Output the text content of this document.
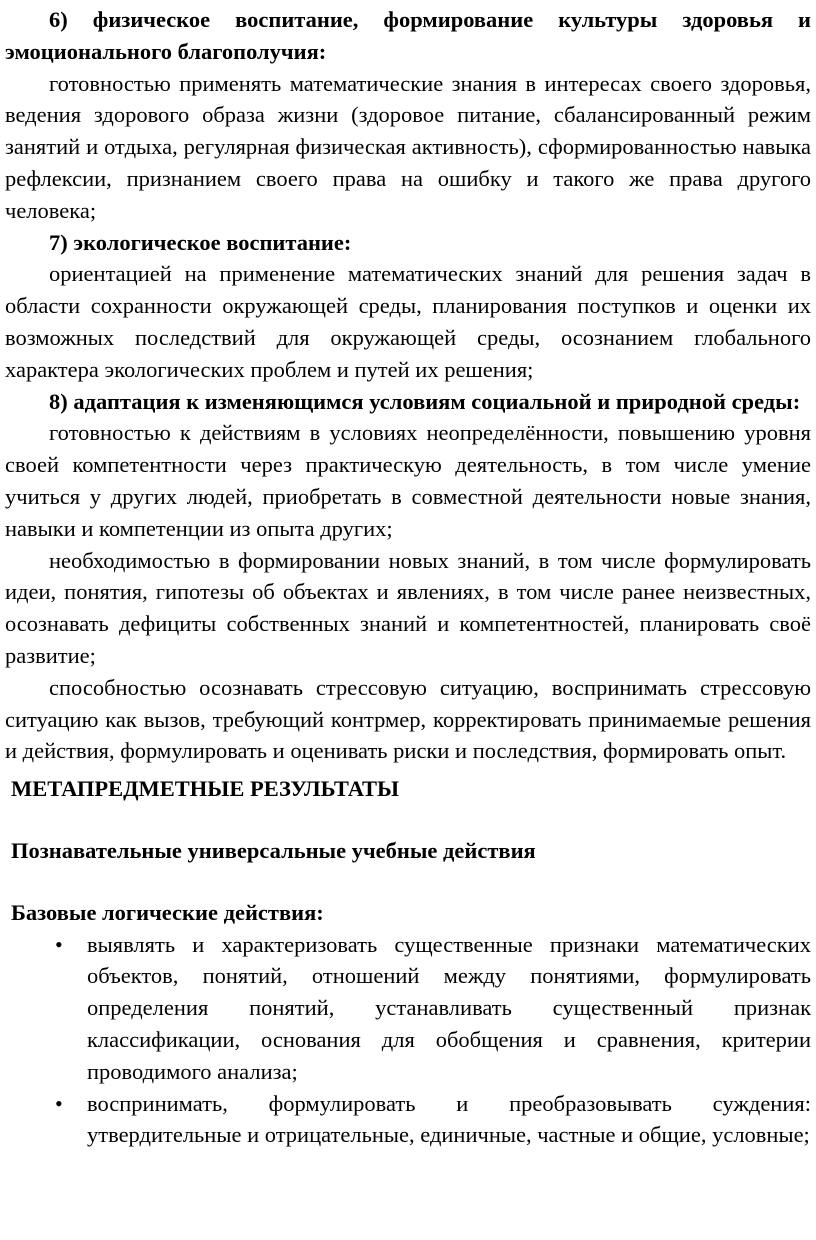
6) физическое воспитание, формирование культуры здоровья и эмоционального благополучия:

готовностью применять математические знания в интересах своего здоровья, ведения здорового образа жизни (здоровое питание, сбалансированный режим занятий и отдыха, регулярная физическая активность), сформированностью навыка рефлексии, признанием своего права на ошибку и такого же права другого человека;

7) экологическое воспитание:

ориентацией на применение математических знаний для решения задач в области сохранности окружающей среды, планирования поступков и оценки их возможных последствий для окружающей среды, осознанием глобального характера экологических проблем и путей их решения;

8) адаптация к изменяющимся условиям социальной и природной среды:

готовностью к действиям в условиях неопределённости, повышению уровня своей компетентности через практическую деятельность, в том числе умение учиться у других людей, приобретать в совместной деятельности новые знания, навыки и компетенции из опыта других;

необходимостью в формировании новых знаний, в том числе формулировать идеи, понятия, гипотезы об объектах и явлениях, в том числе ранее неизвестных, осознавать дефициты собственных знаний и компетентностей, планировать своё развитие;

способностью осознавать стрессовую ситуацию, воспринимать стрессовую ситуацию как вызов, требующий контрмер, корректировать принимаемые решения и действия, формулировать и оценивать риски и последствия, формировать опыт.

МЕТАПРЕДМЕТНЫЕ РЕЗУЛЬТАТЫ

Познавательные универсальные учебные действия

Базовые логические действия:

• выявлять и характеризовать существенные признаки математических объектов, понятий, отношений между понятиями, формулировать определения понятий, устанавливать существенный признак классификации, основания для обобщения и сравнения, критерии проводимого анализа;
• воспринимать, формулировать и преобразовывать суждения: утвердительные и отрицательные, единичные, частные и общие, условные;
